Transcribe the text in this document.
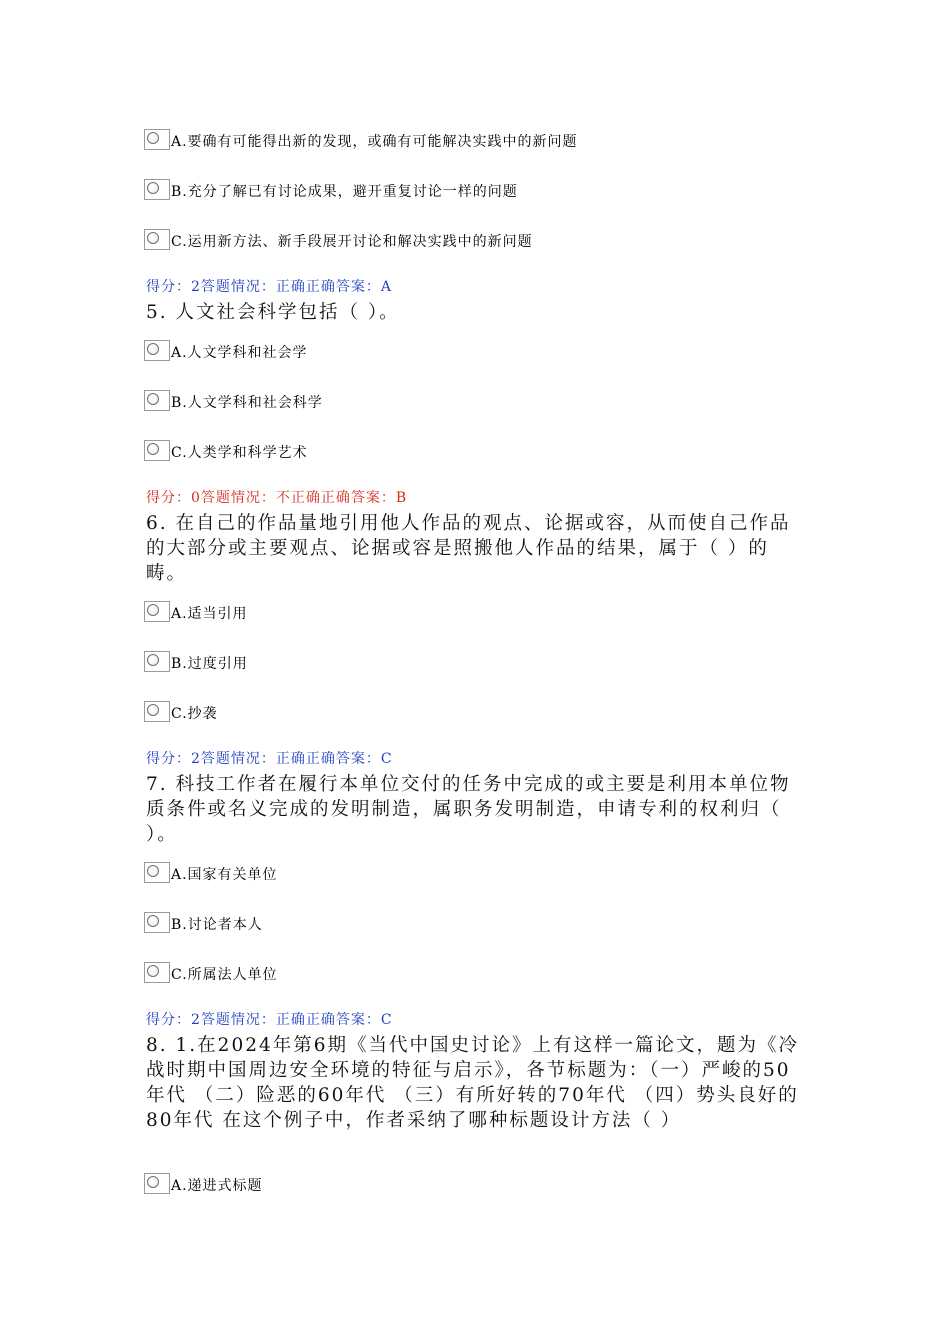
A.要确有可能得出新的发现，或确有可能解决实践中的新问题
B.充分了解已有讨论成果，避开重复讨论一样的问题
C.运用新方法、新手段展开讨论和解决实践中的新问题
得分：2答题情况：正确正确答案：A
5. 人文社会科学包括（ ）。
A.人文学科和社会学
B.人文学科和社会科学
C.人类学和科学艺术
得分：0答题情况：不正确正确答案：B
6. 在自己的作品量地引用他人作品的观点、论据或容，从而使自己作品的大部分或主要观点、论据或容是照搬他人作品的结果，属于（ ）的畴。
A.适当引用
B.过度引用
C.抄袭
得分：2答题情况：正确正确答案：C
7. 科技工作者在履行本单位交付的任务中完成的或主要是利用本单位物质条件或名义完成的发明制造，属职务发明制造，申请专利的权利归（ ）。
A.国家有关单位
B.讨论者本人
C.所属法人单位
得分：2答题情况：正确正确答案：C
8. 1.在2024年第6期《当代中国史讨论》上有这样一篇论文，题为《冷战时期中国周边安全环境的特征与启示》，各节标题为：（一）严峻的50年代 （二）险恶的60年代 （三）有所好转的70年代 （四）势头良好的80年代 在这个例子中，作者采纳了哪种标题设计方法（ ）
A.递进式标题
